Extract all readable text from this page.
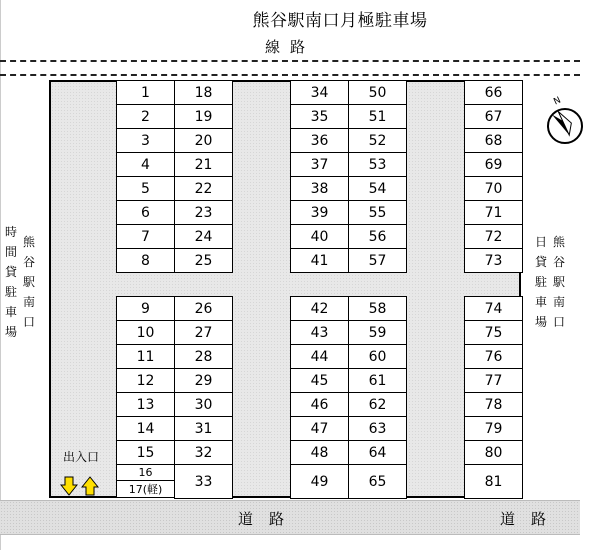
熊谷駅南口月極駐車場
線路
時間貸駐車場
熊谷駅南口
日貸駐車場
熊谷駅南口
N
1
2
3
4
5
6
7
8
18
19
20
21
22
23
24
25
34
35
36
37
38
39
40
41
50
51
52
53
54
55
56
57
66
67
68
69
70
71
72
73
9
10
11
12
13
14
15
16
17(軽)
26
27
28
29
30
31
32
33
42
43
44
45
46
47
48
49
58
59
60
61
62
63
64
65
74
75
76
77
78
79
80
81
道路	道路
出入口
